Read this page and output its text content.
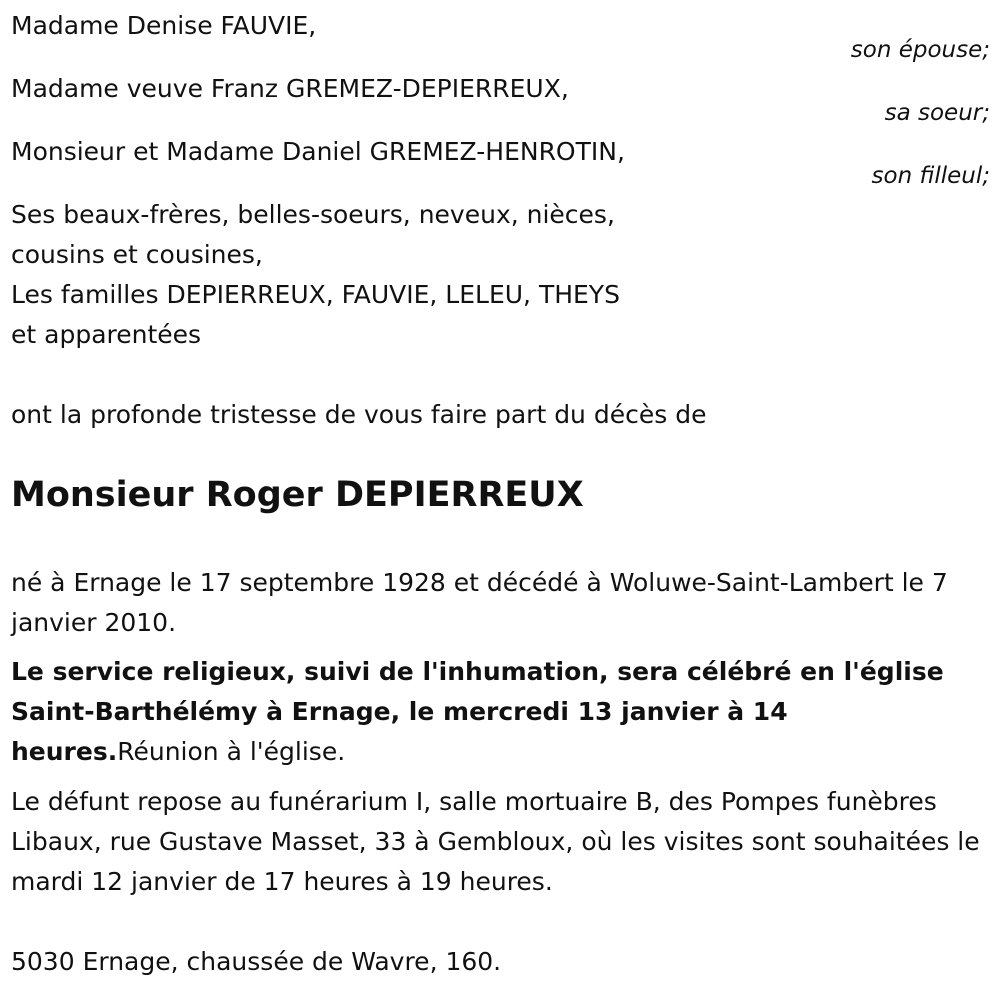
Madame Denise FAUVIE,

son épouse;

Madame veuve Franz GREMEZ-DEPIERREUX,

sa soeur;

Monsieur et Madame Daniel GREMEZ-HENROTIN,

son filleul;

Ses beaux-frères, belles-soeurs, neveux, nièces,

cousins et cousines,

Les familles DEPIERREUX, FAUVIE, LELEU, THEYS

et apparentées

ont la profonde tristesse de vous faire part du décès de

Monsieur Roger DEPIERREUX

né à Ernage le 17 septembre 1928 et décédé à Woluwe-Saint-Lambert le 7 janvier 2010.

Le service religieux, suivi de l'inhumation, sera célébré en l'église Saint-Barthélémy à Ernage, le mercredi 13 janvier à 14 heures.Réunion à l'église.

Le défunt repose au funérarium I, salle mortuaire B, des Pompes funèbres Libaux, rue Gustave Masset, 33 à Gembloux, où les visites sont souhaitées le mardi 12 janvier de 17 heures à 19 heures.

5030 Ernage, chaussée de Wavre, 160.
